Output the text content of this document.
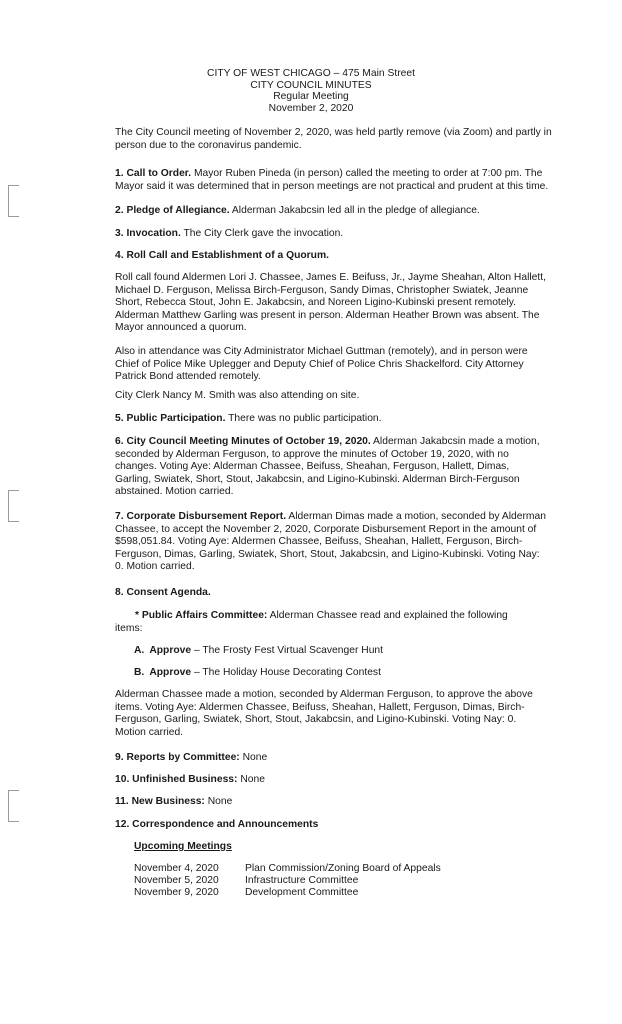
CITY OF WEST CHICAGO – 475 Main Street
CITY COUNCIL MINUTES
Regular Meeting
November 2, 2020

The City Council meeting of November 2, 2020, was held partly remove (via Zoom) and partly in

person due to the coronavirus pandemic.

1. Call to Order. Mayor Ruben Pineda (in person) called the meeting to order at 7:00 pm. The

Mayor said it was determined that in person meetings are not practical and prudent at this time.

2. Pledge of Allegiance. Alderman Jakabcsin led all in the pledge of allegiance.

3. Invocation. The City Clerk gave the invocation.

4. Roll Call and Establishment of a Quorum.

Roll call found Aldermen Lori J. Chassee, James E. Beifuss, Jr., Jayme Sheahan, Alton Hallett,

Michael D. Ferguson, Melissa Birch-Ferguson, Sandy Dimas, Christopher Swiatek, Jeanne

Short, Rebecca Stout, John E. Jakabcsin, and Noreen Ligino-Kubinski present remotely.

Alderman Matthew Garling was present in person. Alderman Heather Brown was absent. The

Mayor announced a quorum.

Also in attendance was City Administrator Michael Guttman (remotely), and in person were

Chief of Police Mike Uplegger and Deputy Chief of Police Chris Shackelford. City Attorney

Patrick Bond attended remotely.

City Clerk Nancy M. Smith was also attending on site.

5. Public Participation. There was no public participation.

6. City Council Meeting Minutes of October 19, 2020. Alderman Jakabcsin made a motion,

seconded by Alderman Ferguson, to approve the minutes of October 19, 2020, with no

changes. Voting Aye: Alderman Chassee, Beifuss, Sheahan, Ferguson, Hallett, Dimas,

Garling, Swiatek, Short, Stout, Jakabcsin, and Ligino-Kubinski. Alderman Birch-Ferguson

abstained. Motion carried.

7. Corporate Disbursement Report. Alderman Dimas made a motion, seconded by Alderman

Chassee, to accept the November 2, 2020, Corporate Disbursement Report in the amount of

$598,051.84. Voting Aye: Aldermen Chassee, Beifuss, Sheahan, Hallett, Ferguson, Birch-

Ferguson, Dimas, Garling, Swiatek, Short, Stout, Jakabcsin, and Ligino-Kubinski. Voting Nay:

0. Motion carried.

8. Consent Agenda.

* Public Affairs Committee: Alderman Chassee read and explained the following

items:

A. Approve – The Frosty Fest Virtual Scavenger Hunt
B. Approve – The Holiday House Decorating Contest

Alderman Chassee made a motion, seconded by Alderman Ferguson, to approve the above

items. Voting Aye: Aldermen Chassee, Beifuss, Sheahan, Hallett, Ferguson, Dimas, Birch-

Ferguson, Garling, Swiatek, Short, Stout, Jakabcsin, and Ligino-Kubinski. Voting Nay: 0.

Motion carried.

9. Reports by Committee: None

10. Unfinished Business: None

11. New Business: None

12. Correspondence and Announcements

Upcoming Meetings
November 4, 2020	Plan Commission/Zoning Board of Appeals
November 5, 2020	Infrastructure Committee
November 9, 2020	Development Committee
